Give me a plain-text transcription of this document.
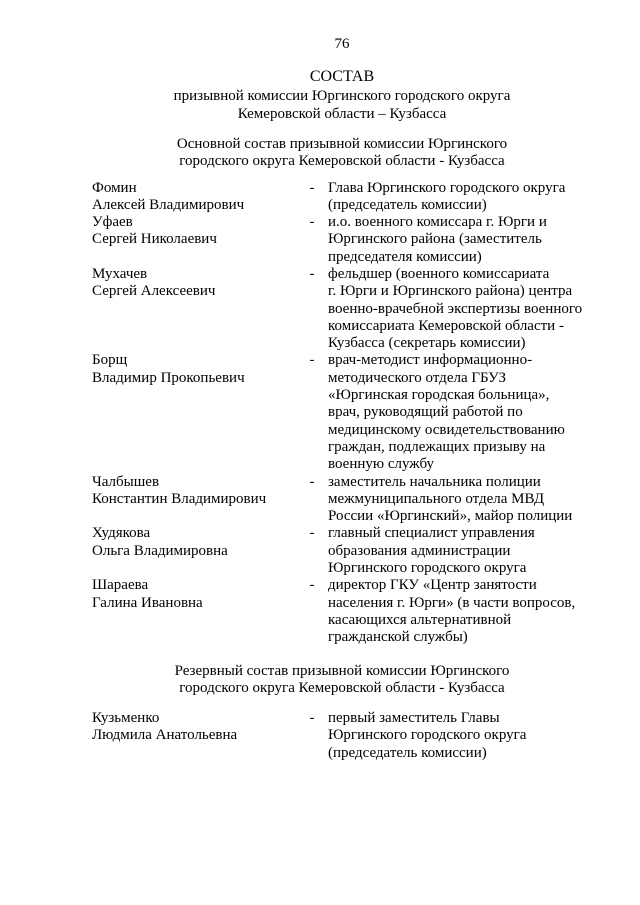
76
СОСТАВ
призывной комиссии Юргинского городского округа
Кемеровской области – Кузбасса
Основной состав призывной комиссии Юргинского
городского округа Кемеровской области - Кузбасса
Фомин
Алексей Владимирович
- Глава Юргинского городского округа
(председатель комиссии)
Уфаев
Сергей Николаевич
- и.о. военного комиссара г. Юрги и
Юргинского района (заместитель
председателя комиссии)
Мухачев
Сергей Алексеевич
- фельдшер (военного комиссариата
г. Юрги и Юргинского района) центра
военно-врачебной экспертизы военного
комиссариата Кемеровской области -
Кузбасса (секретарь комиссии)
Борщ
Владимир Прокопьевич
- врач-методист информационно-
методического отдела ГБУЗ
«Юргинская городская больница»,
врач, руководящий работой по
медицинскому освидетельствованию
граждан, подлежащих призыву на
военную службу
Чалбышев
Константин Владимирович
- заместитель начальника полиции
межмуниципального отдела МВД
России «Юргинский», майор полиции
Худякова
Ольга Владимировна
- главный специалист управления
образования администрации
Юргинского городского округа
Шараева
Галина Ивановна
- директор ГКУ «Центр занятости
населения г. Юрги» (в части вопросов,
касающихся альтернативной
гражданской службы)
Резервный состав призывной комиссии Юргинского
городского округа Кемеровской области - Кузбасса
Кузьменко
Людмила Анатольевна
- первый заместитель Главы
Юргинского городского округа
(председатель комиссии)
